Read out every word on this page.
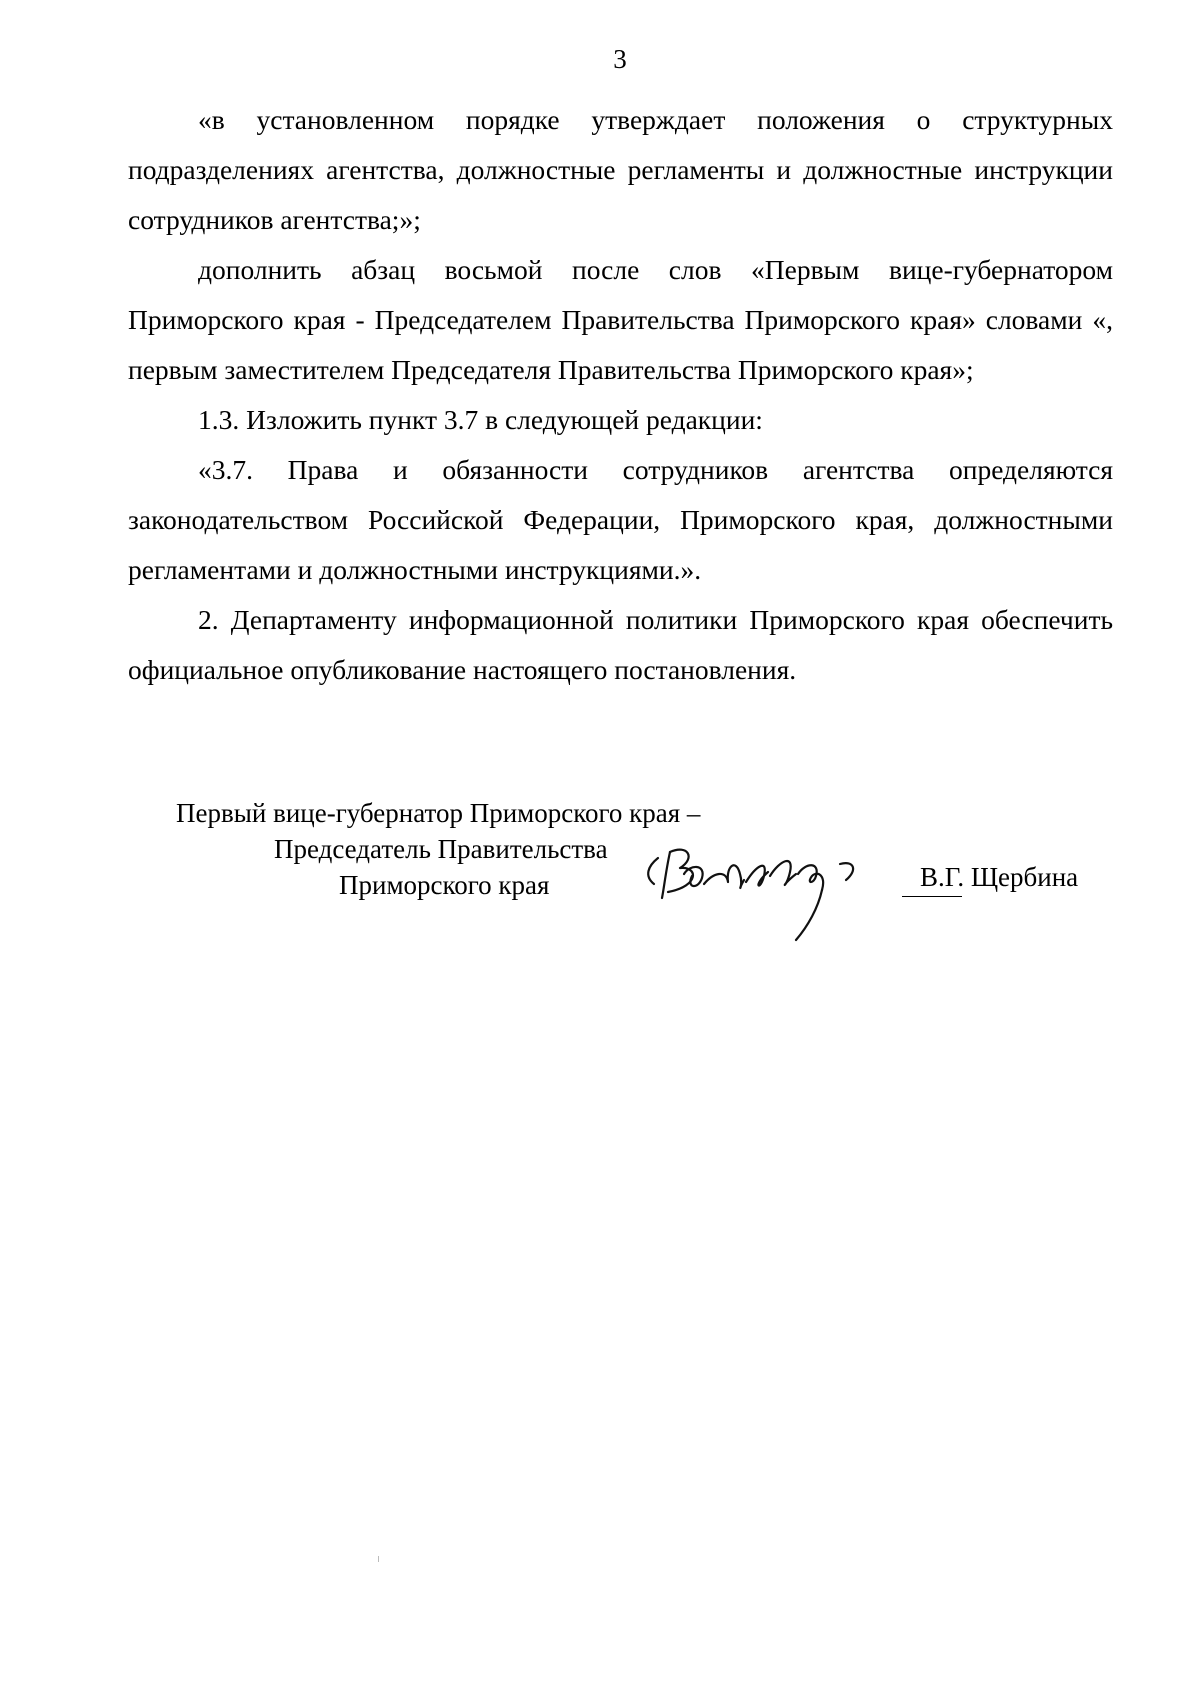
3

«в установленном порядке утверждает положения о структурных подразделениях агентства, должностные регламенты и должностные инструкции сотрудников агентства;»;

дополнить абзац восьмой после слов «Первым вице-губернатором Приморского края - Председателем Правительства Приморского края» словами «, первым заместителем Председателя Правительства Приморского края»;

1.3. Изложить пункт 3.7 в следующей редакции:

«3.7. Права и обязанности сотрудников агентства определяются законодательством Российской Федерации, Приморского края, должностными регламентами и должностными инструкциями.».

2. Департаменту информационной политики Приморского края обеспечить официальное опубликование настоящего постановления.

Первый вице-губернатор Приморского края –
Председатель Правительства
Приморского края	В.Г. Щербина
